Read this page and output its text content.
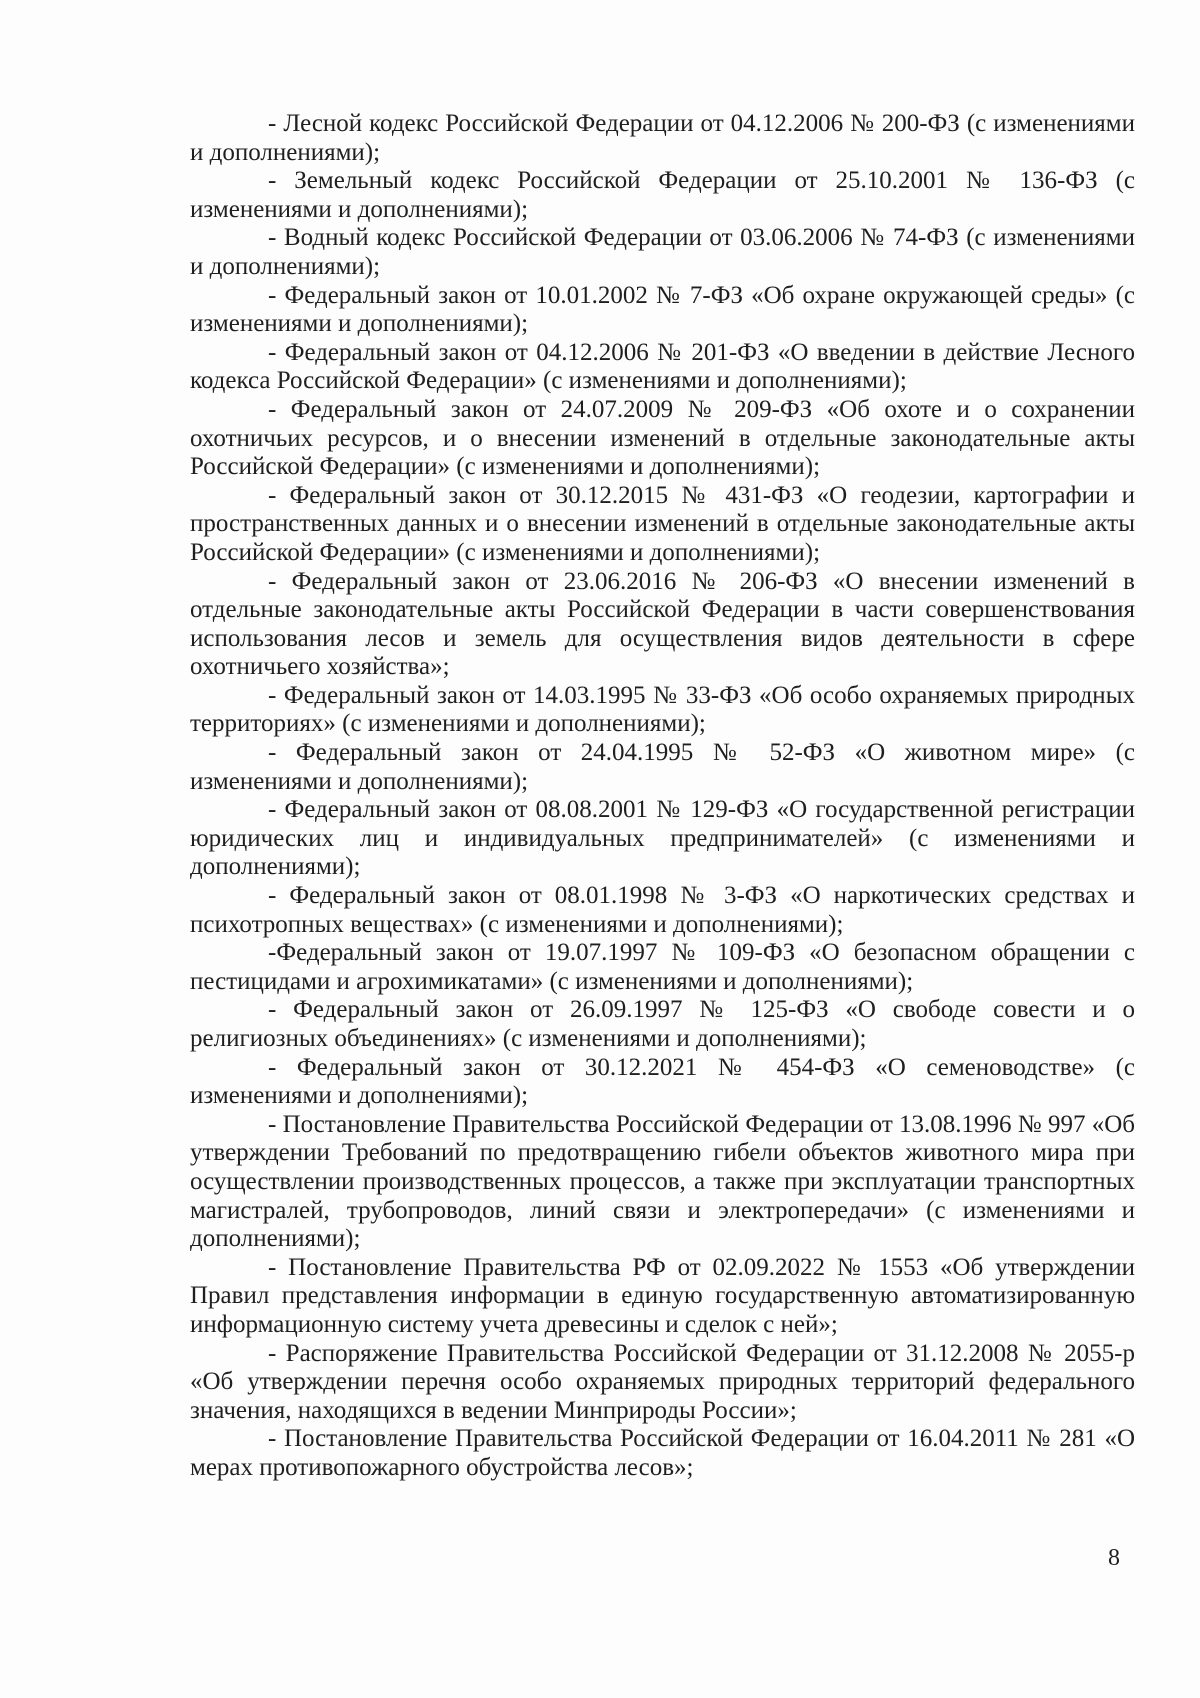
- Лесной кодекс Российской Федерации от 04.12.2006 № 200-ФЗ (с изменениями и дополнениями);

- Земельный кодекс Российской Федерации от 25.10.2001 № 136-ФЗ (с изменениями и дополнениями);

- Водный кодекс Российской Федерации от 03.06.2006 № 74-ФЗ (с изменениями и дополнениями);

- Федеральный закон от 10.01.2002 № 7-ФЗ «Об охране окружающей среды» (с изменениями и дополнениями);

- Федеральный закон от 04.12.2006 № 201-ФЗ «О введении в действие Лесного кодекса Российской Федерации» (с изменениями и дополнениями);

- Федеральный закон от 24.07.2009 № 209-ФЗ «Об охоте и о сохранении охотничьих ресурсов, и о внесении изменений в отдельные законодательные акты Российской Федерации» (с изменениями и дополнениями);

- Федеральный закон от 30.12.2015 № 431-ФЗ «О геодезии, картографии и пространственных данных и о внесении изменений в отдельные законодательные акты Российской Федерации» (с изменениями и дополнениями);

- Федеральный закон от 23.06.2016 № 206-ФЗ «О внесении изменений в отдельные законодательные акты Российской Федерации в части совершенствования использования лесов и земель для осуществления видов деятельности в сфере охотничьего хозяйства»;

- Федеральный закон от 14.03.1995 № 33-ФЗ «Об особо охраняемых природных территориях» (с изменениями и дополнениями);

- Федеральный закон от 24.04.1995 № 52-ФЗ «О животном мире» (с изменениями и дополнениями);

- Федеральный закон от 08.08.2001 № 129-ФЗ «О государственной регистрации юридических лиц и индивидуальных предпринимателей» (с изменениями и дополнениями);

- Федеральный закон от 08.01.1998 № 3-ФЗ «О наркотических средствах и психотропных веществах» (с изменениями и дополнениями);

-Федеральный закон от 19.07.1997 № 109-ФЗ «О безопасном обращении с пестицидами и агрохимикатами» (с изменениями и дополнениями);

- Федеральный закон от 26.09.1997 № 125-ФЗ «О свободе совести и о религиозных объединениях» (с изменениями и дополнениями);

- Федеральный закон от 30.12.2021 № 454-ФЗ «О семеноводстве» (с изменениями и дополнениями);

- Постановление Правительства Российской Федерации от 13.08.1996 № 997 «Об утверждении Требований по предотвращению гибели объектов животного мира при осуществлении производственных процессов, а также при эксплуатации транспортных магистралей, трубопроводов, линий связи и электропередачи» (с изменениями и дополнениями);

- Постановление Правительства РФ от 02.09.2022 № 1553 «Об утверждении Правил представления информации в единую государственную автоматизированную информационную систему учета древесины и сделок с ней»;

- Распоряжение Правительства Российской Федерации от 31.12.2008 № 2055-р «Об утверждении перечня особо охраняемых природных территорий федерального значения, находящихся в ведении Минприроды России»;

- Постановление Правительства Российской Федерации от 16.04.2011 № 281 «О мерах противопожарного обустройства лесов»;

8
